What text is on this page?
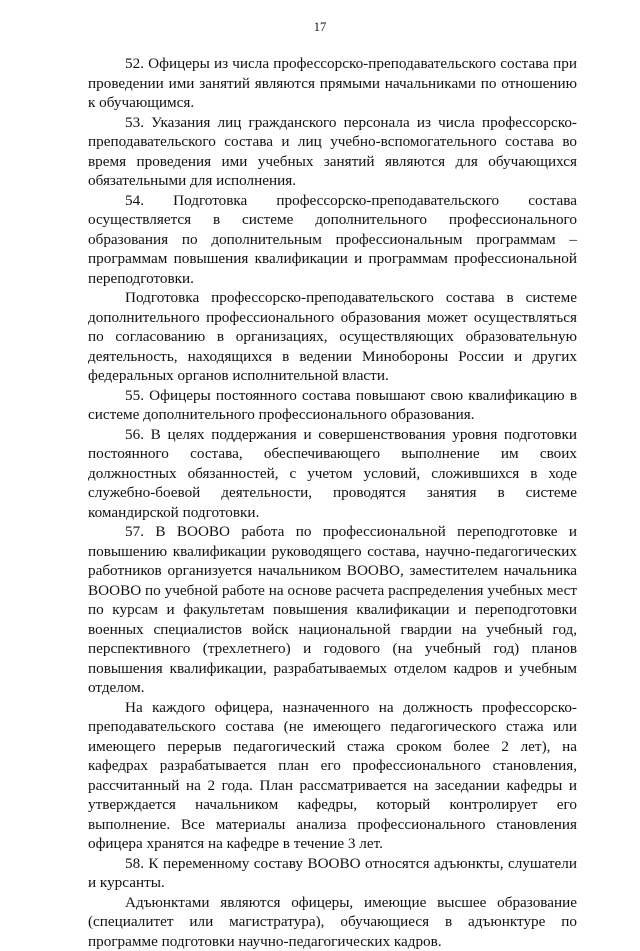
17

52. Офицеры из числа профессорско-преподавательского состава при проведении ими занятий являются прямыми начальниками по отношению к обучающимся.

53. Указания лиц гражданского персонала из числа профессорско-преподавательского состава и лиц учебно-вспомогательного состава во время проведения ими учебных занятий являются для обучающихся обязательными для исполнения.

54. Подготовка профессорско-преподавательского состава осуществляется в системе дополнительного профессионального образования по дополнительным профессиональным программам – программам повышения квалификации и программам профессиональной переподготовки.

Подготовка профессорско-преподавательского состава в системе дополнительного профессионального образования может осуществляться по согласованию в организациях, осуществляющих образовательную деятельность, находящихся в ведении Минобороны России и других федеральных органов исполнительной власти.

55. Офицеры постоянного состава повышают свою квалификацию в системе дополнительного профессионального образования.

56. В целях поддержания и совершенствования уровня подготовки постоянного состава, обеспечивающего выполнение им своих должностных обязанностей, с учетом условий, сложившихся в ходе служебно-боевой деятельности, проводятся занятия в системе командирской подготовки.

57. В ВООВО работа по профессиональной переподготовке и повышению квалификации руководящего состава, научно-педагогических работников организуется начальником ВООВО, заместителем начальника ВООВО по учебной работе на основе расчета распределения учебных мест по курсам и факультетам повышения квалификации и переподготовки военных специалистов войск национальной гвардии на учебный год, перспективного (трехлетнего) и годового (на учебный год) планов повышения квалификации, разрабатываемых отделом кадров и учебным отделом.

На каждого офицера, назначенного на должность профессорско-преподавательского состава (не имеющего педагогического стажа или имеющего перерыв педагогический стажа сроком более 2 лет), на кафедрах разрабатывается план его профессионального становления, рассчитанный на 2 года. План рассматривается на заседании кафедры и утверждается начальником кафедры, который контролирует его выполнение. Все материалы анализа профессионального становления офицера хранятся на кафедре в течение 3 лет.

58. К переменному составу ВООВО относятся адъюнкты, слушатели и курсанты.

Адъюнктами являются офицеры, имеющие высшее образование (специалитет или магистратура), обучающиеся в адъюнктуре по программе подготовки научно-педагогических кадров.
